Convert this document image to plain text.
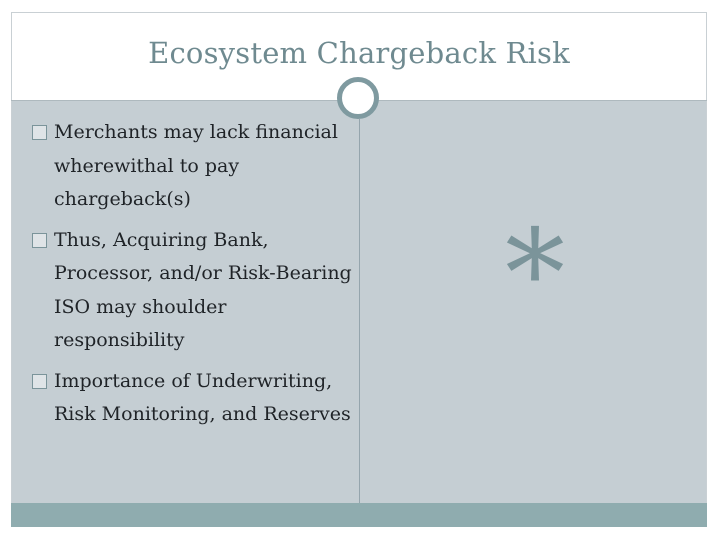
Ecosystem Chargeback Risk
Merchants may lack financial wherewithal to pay chargeback(s)
Thus, Acquiring Bank, Processor, and/or Risk-Bearing ISO may shoulder responsibility
Importance of Underwriting, Risk Monitoring, and Reserves
*
